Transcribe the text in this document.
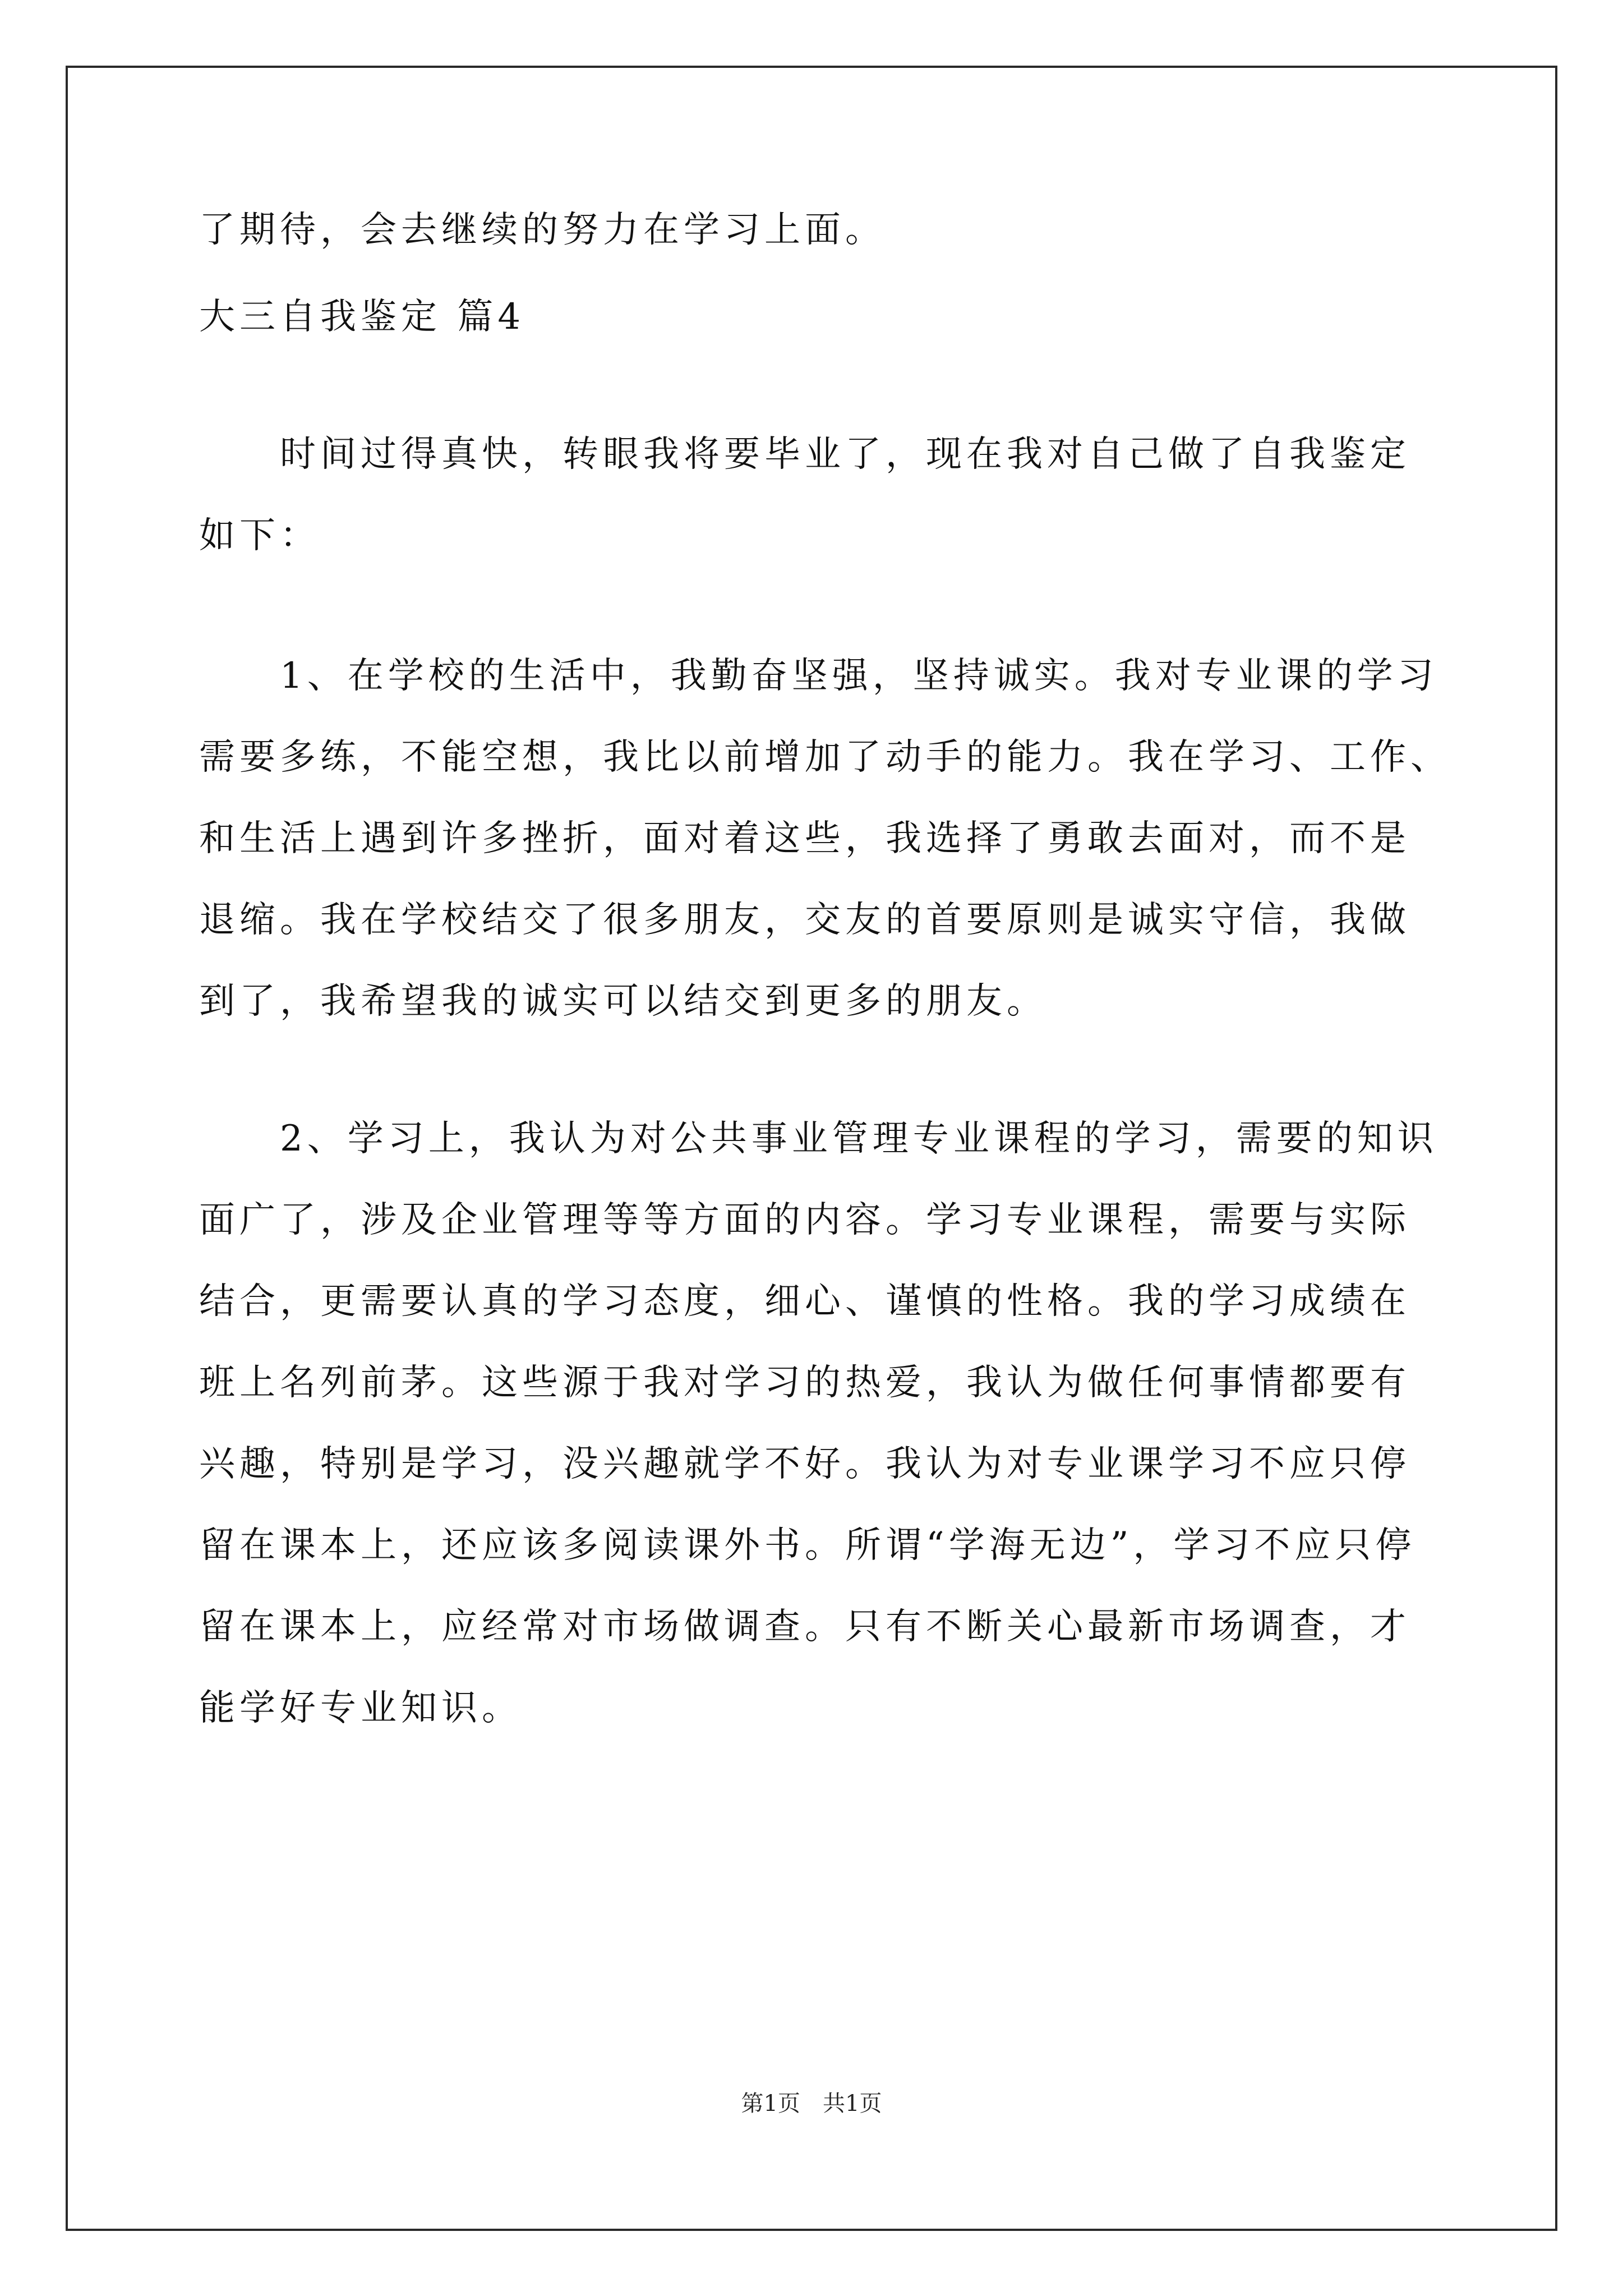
了期待，会去继续的努力在学习上面。
大三自我鉴定 篇4
　　时间过得真快，转眼我将要毕业了，现在我对自己做了自我鉴定
如下：
　　1、在学校的生活中，我勤奋坚强，坚持诚实。我对专业课的学习
需要多练，不能空想，我比以前增加了动手的能力。我在学习、工作、
和生活上遇到许多挫折，面对着这些，我选择了勇敢去面对，而不是
退缩。我在学校结交了很多朋友，交友的首要原则是诚实守信，我做
到了，我希望我的诚实可以结交到更多的朋友。
　　2、学习上，我认为对公共事业管理专业课程的学习，需要的知识
面广了，涉及企业管理等等方面的内容。学习专业课程，需要与实际
结合，更需要认真的学习态度，细心、谨慎的性格。我的学习成绩在
班上名列前茅。这些源于我对学习的热爱，我认为做任何事情都要有
兴趣，特别是学习，没兴趣就学不好。我认为对专业课学习不应只停
留在课本上，还应该多阅读课外书。所谓“学海无边”，学习不应只停
留在课本上，应经常对市场做调查。只有不断关心最新市场调查，才
能学好专业知识。
第1页　共1页
